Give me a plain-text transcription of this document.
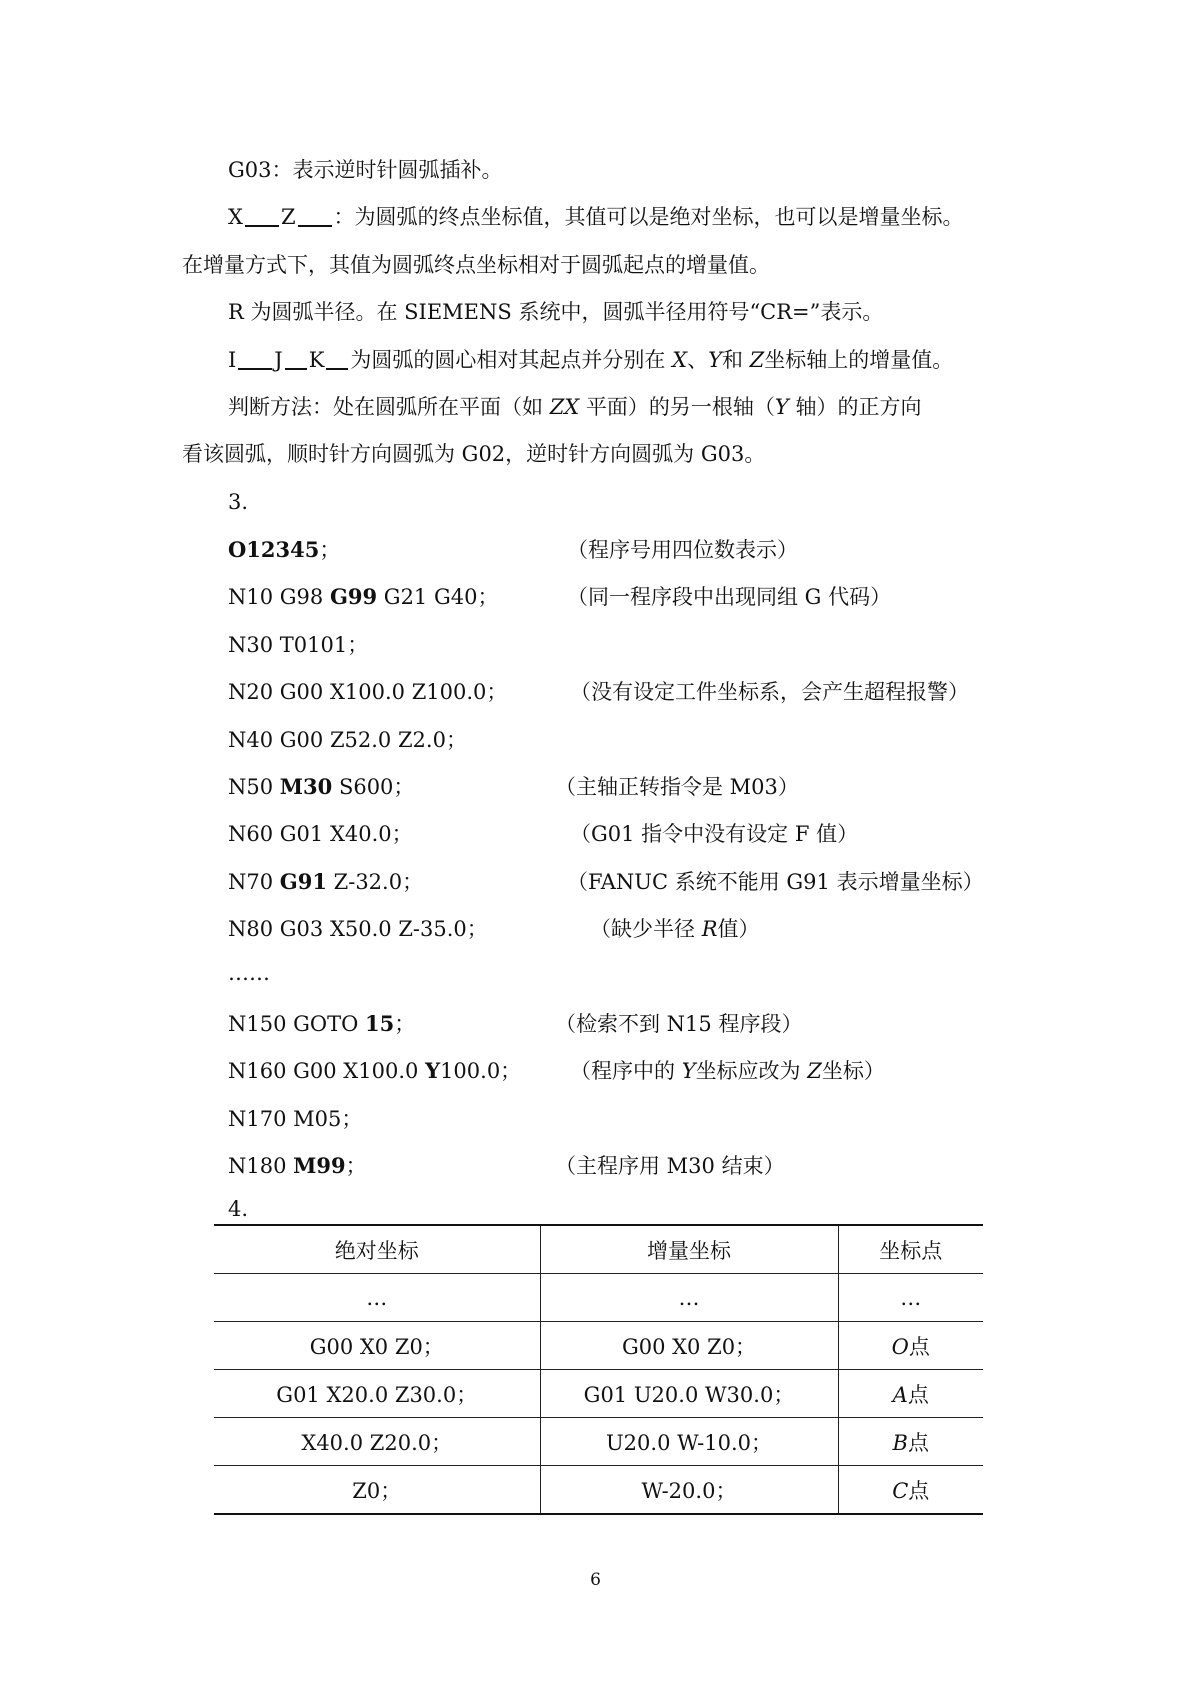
G03：表示逆时针圆弧插补。
X Z ：为圆弧的终点坐标值，其值可以是绝对坐标，也可以是增量坐标。
在增量方式下，其值为圆弧终点坐标相对于圆弧起点的增量值。
R 为圆弧半径。在 SIEMENS 系统中，圆弧半径用符号“CR=”表示。
I J K 为圆弧的圆心相对其起点并分别在 X、Y和 Z坐标轴上的增量值。
判断方法：处在圆弧所在平面（如 ZX 平面）的另一根轴（Y 轴）的正方向
看该圆弧，顺时针方向圆弧为 G02，逆时针方向圆弧为 G03。
3.
O12345；	（程序号用四位数表示）
N10 G98 G99 G21 G40；	（同一程序段中出现同组 G 代码）
N30 T0101；
N20 G00 X100.0 Z100.0；	（没有设定工件坐标系，会产生超程报警）
N40 G00 Z52.0 Z2.0；
N50 M30 S600；	（主轴正转指令是 M03）
N60 G01 X40.0；	（G01 指令中没有设定 F 值）
N70 G91 Z-32.0；	（FANUC 系统不能用 G91 表示增量坐标）
N80 G03 X50.0 Z-35.0；	（缺少半径 R值）
……
N150 GOTO 15；	（检索不到 N15 程序段）
N160 G00 X100.0 Y100.0； （程序中的 Y坐标应改为 Z坐标）
N170 M05；
N180 M99；	（主程序用 M30 结束）
4.
绝对坐标	增量坐标	坐标点
…	…	…
G00 X0 Z0；	G00 X0 Z0；	O点
G01 X20.0 Z30.0；	G01 U20.0 W30.0；	A点
X40.0 Z20.0；	U20.0 W-10.0；	B点
Z0；	W-20.0；	C点
6
